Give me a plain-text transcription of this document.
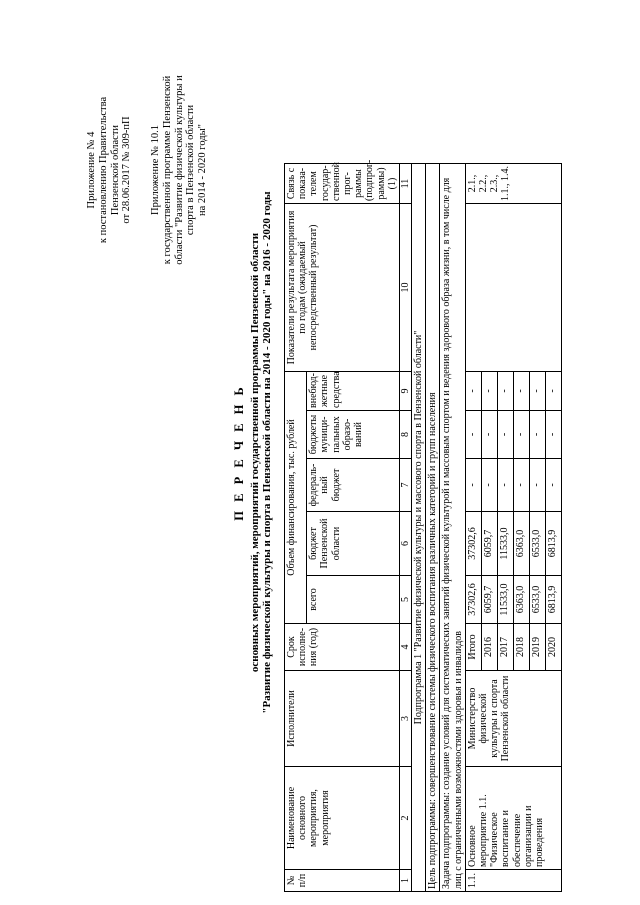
Приложение № 4 к постановлению Правительства Пензенской области от 28.06.2017 № 309-пП Приложение № 10.1 к государственной программе Пензенской области "Развитие физической культуры и спорта в Пензенской области на 2014 - 2020 годы"

П Е Р Е Ч Е Н Ь основных мероприятий, мероприятий государственной программы Пензенской области "Развитие физической культуры и спорта в Пензенской области на 2014 - 2020 годы" на 2016 - 2020 годы
№ п/п	Наименование основного мероприятия, мероприятия	Исполнители	Срок исполне-ния (год)	Объем финансирования, тыс. рублей					Показатели результата мероприятия по годам (ожидаемый непосредственный результат)	Связь с показа-телем государ-ственной прог-раммы (подпрог-раммы) (1)	
				всего	бюджет Пензенской области	федераль-ный бюджет	бюджеты муници-пальных образо-ваний	внебюд-жетные средства			
1	2	3	4	5	6	7	8	9	10	11	
Подпрограмма 1 "Развитие физической культуры и массового спорта в Пензенской области"											
Цель подпрограммы: совершенствование системы физического воспитания различных категорий и групп населения											
Задача подпрограммы: создание условий для систематических занятий физической культурой и массовым спортом и ведения здорового образа жизни, в том числе для лиц с ограниченными возможностями здоровья и инвалидов											
1.1.	Основное мероприятие 1.1. "Физическое воспитание и обеспечение организации и проведения	Министерство физической культуры и спорта Пензенской области	Итого	37302,6	37302,6	-	-	-		2.1., 2.2., 2.3., 1.1., 1.4.	
			2016	6059,7	6059,7	-	-	-			
			2017	11533,0	11533,0	-	-	-			
			2018	6363,0	6363,0	-	-	-			
			2019	6533,0	6533,0	-	-	-			
			2020	6813,9	6813,9	-	-	-			
